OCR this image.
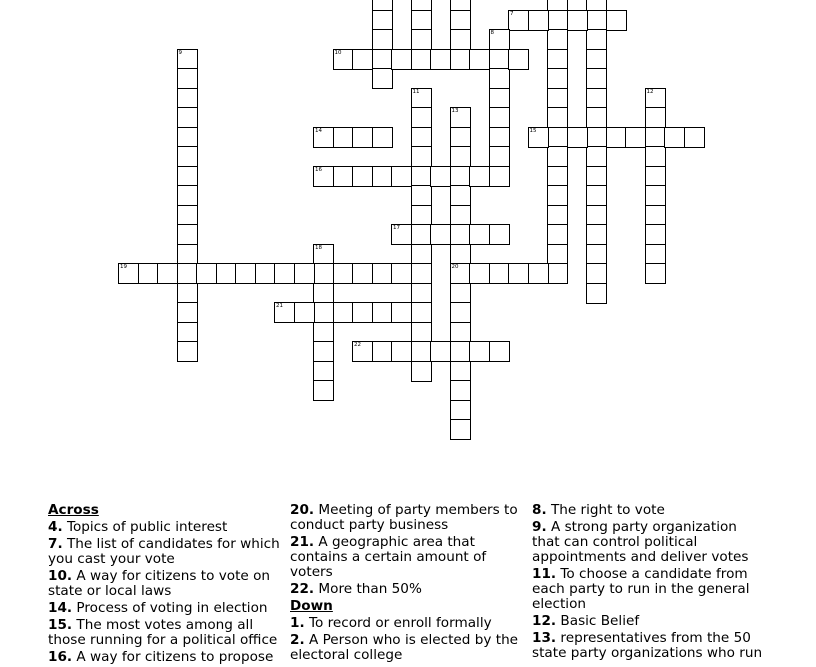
7
8
9	10
11	12
13
20
14	15
16
17
18
19
21
22
Across
4. Topics of public interest
7. The list of candidates for which you cast your vote
10. A way for citizens to vote on state or local laws
14. Process of voting in election
15. The most votes among all those running for a political office
16. A way for citizens to propose
20. Meeting of party members to conduct party business
21. A geographic area that contains a certain amount of voters
22. More than 50%
Down
1. To record or enroll formally
2. A Person who is elected by the electoral college
8. The right to vote
9. A strong party organization that can control political appointments and deliver votes
11. To choose a candidate from each party to run in the general election
12. Basic Belief
13. representatives from the 50 state party organizations who run
